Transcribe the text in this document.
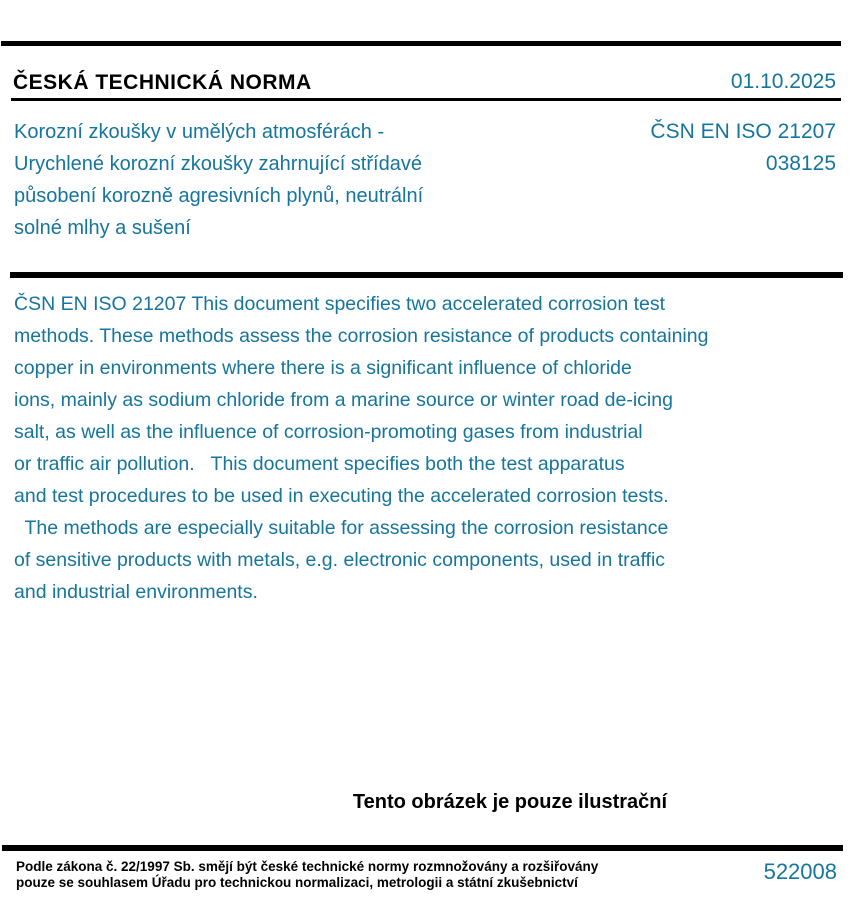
ČESKÁ TECHNICKÁ NORMA	01.10.2025
Korozní zkoušky v umělých atmosférách -
Urychlené korozní zkoušky zahrnující střídavé
působení korozně agresivních plynů, neutrální
solné mlhy a sušení
ČSN EN ISO 21207
038125
ČSN EN ISO 21207 This document specifies two accelerated corrosion test
methods. These methods assess the corrosion resistance of products containing
copper in environments where there is a significant influence of chloride
ions, mainly as sodium chloride from a marine source or winter road de-icing
salt, as well as the influence of corrosion-promoting gases from industrial
or traffic air pollution.   This document specifies both the test apparatus
and test procedures to be used in executing the accelerated corrosion tests.
The methods are especially suitable for assessing the corrosion resistance
of sensitive products with metals, e.g. electronic components, used in traffic
and industrial environments.
Tento obrázek je pouze ilustrační
Podle zákona č. 22/1997 Sb. smějí být české technické normy rozmnožovány a rozšiřovány
pouze se souhlasem Úřadu pro technickou normalizaci, metrologii a státní zkušebnictví	522008
